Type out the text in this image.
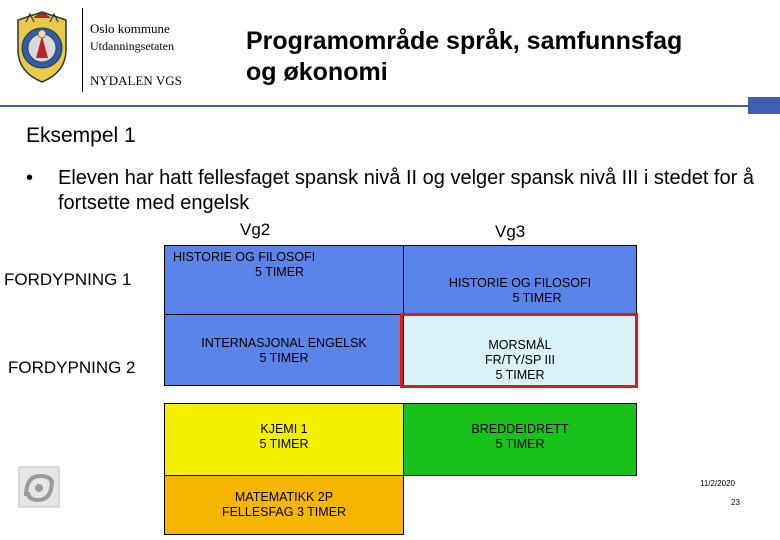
Oslo kommune
Utdanningsetaten
NYDALEN VGS
Programområde språk, samfunnsfag
og økonomi
Eksempel 1
• Eleven har hatt fellesfaget spansk nivå II og velger spansk nivå III i stedet for å fortsette med engelsk
Vg2	Vg3
FORDYPNING 1
FORDYPNING 2
HISTORIE OG FILOSOFI
5 TIMER
HISTORIE OG FILOSOFI
5 TIMER
INTERNASJONAL ENGELSK
5 TIMER
MORSMÅL
FR/TY/SP III
5 TIMER
KJEMI 1
5 TIMER
BREDDEIDRETT
5 TIMER
MATEMATIKK 2P
FELLESFAG 3 TIMER
11/2/2020
23
